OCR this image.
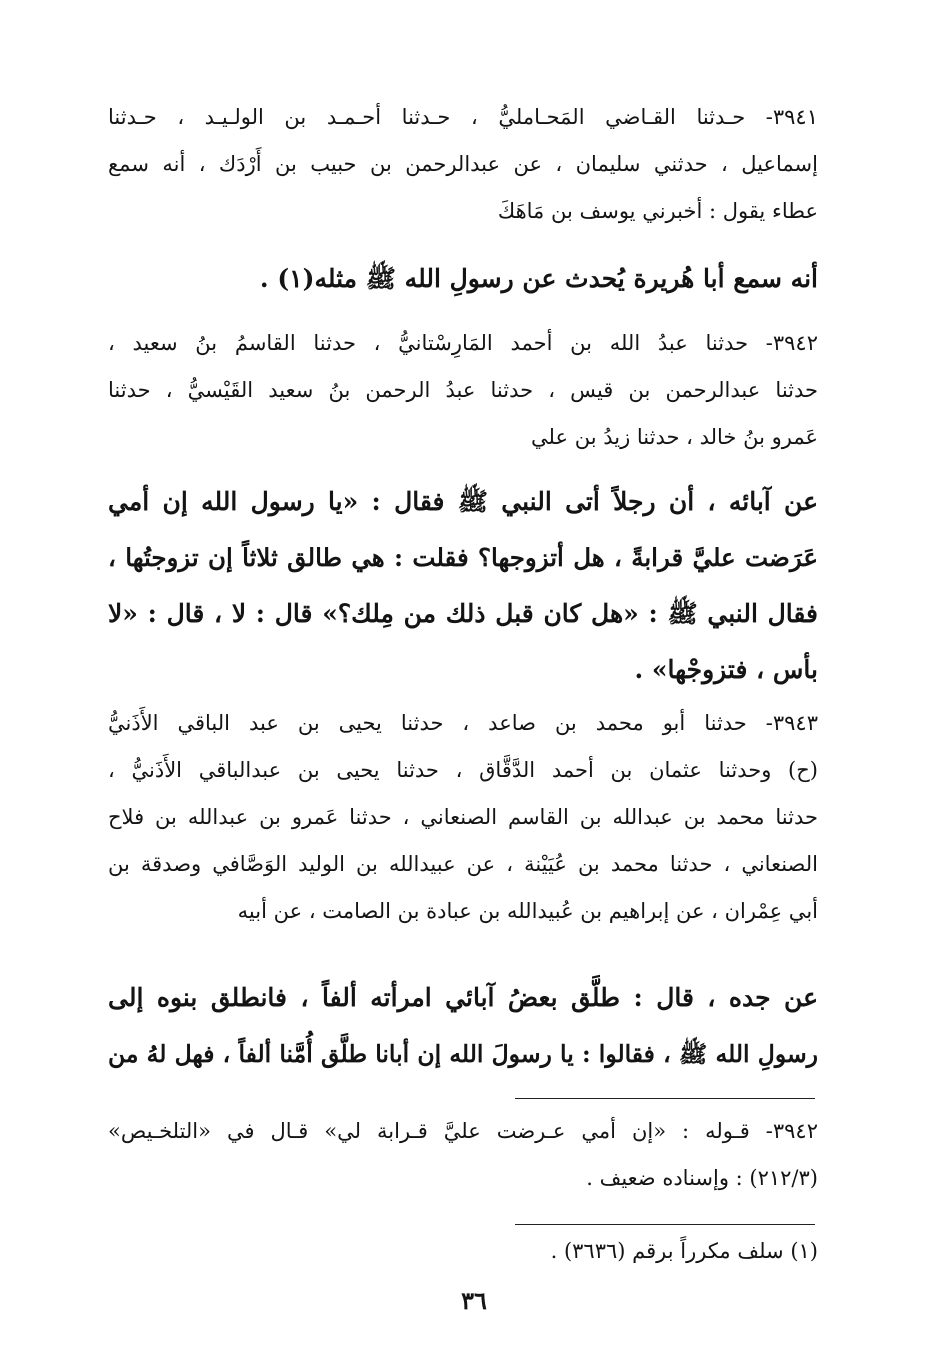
٣٩٤١- حـدثنا القـاضي المَحـامليُّ ، حـدثنا أحـمـد بن الولـيـد ، حـدثنا
إسماعيل ، حدثني سليمان ، عن عبدالرحمن بن حبيب بن أَرْدَك ، أنه سمع
عطاء يقول : أخبرني يوسف بن مَاهَكَ
أنه سمع أبا هُريرة يُحدث عن رسولِ الله ﷺ مثله(١) .
٣٩٤٢- حدثنا عبدُ الله بن أحمد المَارِسْتانيُّ ، حدثنا القاسمُ بنُ سعيد ،
حدثنا عبدالرحمن بن قيس ، حدثنا عبدُ الرحمن بنُ سعيد القَيْسيُّ ، حدثنا
عَمرو بنُ خالد ، حدثنا زيدُ بن علي
عن آبائه ، أن رجلاً أتى النبي ﷺ فقال : «يا رسول الله إن أمي
عَرَضت عليَّ قرابةً ، هل أتزوجها؟ فقلت : هي طالق ثلاثاً إن تزوجتُها ،
فقال النبي ﷺ : «هل كان قبل ذلك من مِلك؟» قال : لا ، قال : «لا
بأس ، فتزوجْها» .
٣٩٤٣- حدثنا أبو محمد بن صاعد ، حدثنا يحيى بن عبد الباقي الأَذَنيُّ
(ح) وحدثنا عثمان بن أحمد الدَّقَّاق ، حدثنا يحيى بن عبدالباقي الأَذَنيُّ ،
حدثنا محمد بن عبدالله بن القاسم الصنعاني ، حدثنا عَمرو بن عبدالله بن فلاح
الصنعاني ، حدثنا محمد بن عُيَيْنة ، عن عبيدالله بن الوليد الوَصَّافي وصدقة بن
أبي عِمْران ، عن إبراهيم بن عُبيدالله بن عبادة بن الصامت ، عن أبيه
عن جده ، قال : طلَّق بعضُ آبائي امرأته ألفاً ، فانطلق بنوه إلى
رسولِ الله ﷺ ، فقالوا : يا رسولَ الله إن أبانا طلَّق أُمَّنا ألفاً ، فهل لهُ من
٣٩٤٢- قـوله : «إن أمي عـرضت عليَّ قـرابة لي» قـال في «التلخـيص»
(٢١٢/٣) : وإسناده ضعيف .
(١) سلف مكرراً برقم (٣٦٣٦) .
٣٦
